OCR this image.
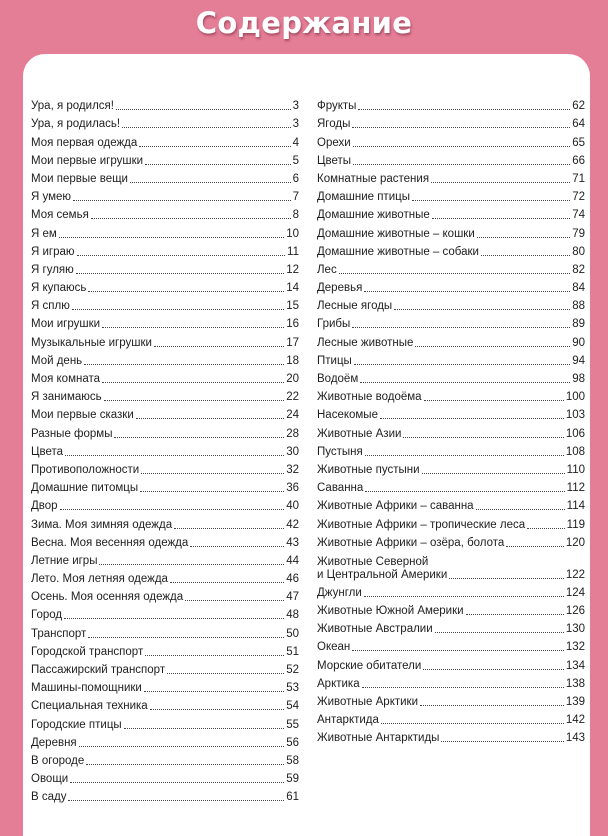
Содержание
Ура, я родился!	3
Ура, я родилась!	3
Моя первая одежда	4
Мои первые игрушки	5
Мои первые вещи	6
Я умею	7
Моя семья	8
Я ем	10
Я играю	11
Я гуляю	12
Я купаюсь	14
Я сплю	15
Мои игрушки	16
Музыкальные игрушки	17
Мой день	18
Моя комната	20
Я занимаюсь	22
Мои первые сказки	24
Разные формы	28
Цвета	30
Противоположности	32
Домашние питомцы	36
Двор	40
Зима. Моя зимняя одежда	42
Весна. Моя весенняя одежда	43
Летние игры	44
Лето. Моя летняя одежда	46
Осень. Моя осенняя одежда	47
Город	48
Транспорт	50
Городской транспорт	51
Пассажирский транспорт	52
Машины-помощники	53
Специальная техника	54
Городские птицы	55
Деревня	56
В огороде	58
Овощи	59
В саду	61
Фрукты	62
Ягоды	64
Орехи	65
Цветы	66
Комнатные растения	71
Домашние птицы	72
Домашние животные	74
Домашние животные – кошки	79
Домашние животные – собаки	80
Лес	82
Деревья	84
Лесные ягоды	88
Грибы	89
Лесные животные	90
Птицы	94
Водоём	98
Животные водоёма	100
Насекомые	103
Животные Азии	106
Пустыня	108
Животные пустыни	110
Саванна	112
Животные Африки – саванна	114
Животные Африки – тропические леса	119
Животные Африки – озёра, болота	120
Животные Северной
и Центральной Америки	122
Джунгли	124
Животные Южной Америки	126
Животные Австралии	130
Океан	132
Морские обитатели	134
Арктика	138
Животные Арктики	139
Антарктида	142
Животные Антарктиды	143
